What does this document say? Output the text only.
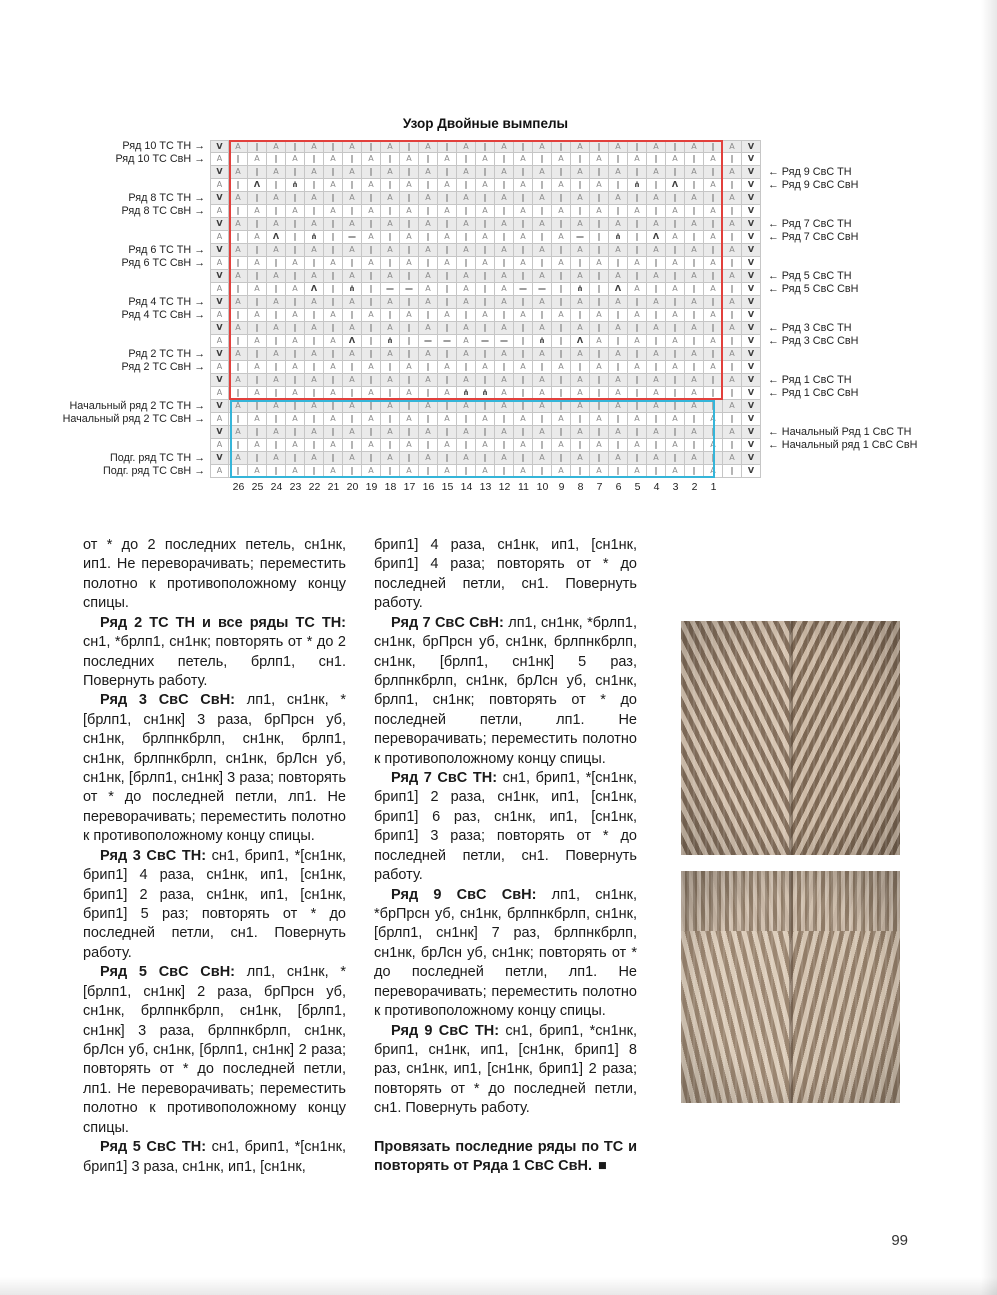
Узор Двойные вымпелы
Ряд 10 ТС ТН →	V	А	∥	А	∥	А	∥	А	∥	А	∥	А	∥	А	∥	А	∥	А	∥	А	∥	А	∥	А	∥	А	∥	А	V
Ряд 10 ТС СвН →	А	∥	А	∥	А	∥	А	∥	А	∥	А	∥	А	∥	А	∥	А	∥	А	∥	А	∥	А	∥	А	∥	А	∥	V
V	А	∥	А	∥	А	∥	А	∥	А	∥	А	∥	А	∥	А	∥	А	∥	А	∥	А	∥	А	∥	А	∥	А	V	← Ряд 9 СвС ТН
А	∥	Λ	∥	⋔	∥	А	∥	А	∥	А	∥	А	∥	А	∥	А	∥	А	∥	А	∥	⋔	∥	Λ	∥	А	∥	V	← Ряд 9 СвС СвН
Ряд 8 ТС ТН →	V	А	∥	А	∥	А	∥	А	∥	А	∥	А	∥	А	∥	А	∥	А	∥	А	∥	А	∥	А	∥	А	∥	А	V
Ряд 8 ТС СвН →	А	∥	А	∥	А	∥	А	∥	А	∥	А	∥	А	∥	А	∥	А	∥	А	∥	А	∥	А	∥	А	∥	А	∥	V
V	А	∥	А	∥	А	∥	А	∥	А	∥	А	∥	А	∥	А	∥	А	∥	А	∥	А	∥	А	∥	А	∥	А	V	← Ряд 7 СвС ТН
А	∥	А	Λ	∥	⋔	∥	—	А	∥	А	∥	А	∥	А	∥	А	∥	А	—	∥	⋔	∥	Λ	А	∥	А	∥	V	← Ряд 7 СвС СвН
Ряд 6 ТС ТН →	V	А	∥	А	∥	А	∥	А	∥	А	∥	А	∥	А	∥	А	∥	А	∥	А	∥	А	∥	А	∥	А	∥	А	V
Ряд 6 ТС СвН →	А	∥	А	∥	А	∥	А	∥	А	∥	А	∥	А	∥	А	∥	А	∥	А	∥	А	∥	А	∥	А	∥	А	∥	V
V	А	∥	А	∥	А	∥	А	∥	А	∥	А	∥	А	∥	А	∥	А	∥	А	∥	А	∥	А	∥	А	∥	А	V	← Ряд 5 СвС ТН
А	∥	А	∥	А	Λ	∥	⋔	∥	—	—	А	∥	А	∥	А	—	—	∥	⋔	∥	Λ	А	∥	А	∥	А	∥	V	← Ряд 5 СвС СвН
Ряд 4 ТС ТН →	V	А	∥	А	∥	А	∥	А	∥	А	∥	А	∥	А	∥	А	∥	А	∥	А	∥	А	∥	А	∥	А	∥	А	V
Ряд 4 ТС СвН →	А	∥	А	∥	А	∥	А	∥	А	∥	А	∥	А	∥	А	∥	А	∥	А	∥	А	∥	А	∥	А	∥	А	∥	V
V	А	∥	А	∥	А	∥	А	∥	А	∥	А	∥	А	∥	А	∥	А	∥	А	∥	А	∥	А	∥	А	∥	А	V	← Ряд 3 СвС ТН
А	∥	А	∥	А	∥	А	Λ	∥	⋔	∥	—	—	А	—	—	∥	⋔	∥	Λ	А	∥	А	∥	А	∥	А	∥	V	← Ряд 3 СвС СвН
Ряд 2 ТС ТН →	V	А	∥	А	∥	А	∥	А	∥	А	∥	А	∥	А	∥	А	∥	А	∥	А	∥	А	∥	А	∥	А	∥	А	V
Ряд 2 ТС СвН →	А	∥	А	∥	А	∥	А	∥	А	∥	А	∥	А	∥	А	∥	А	∥	А	∥	А	∥	А	∥	А	∥	А	∥	V
V	А	∥	А	∥	А	∥	А	∥	А	∥	А	∥	А	∥	А	∥	А	∥	А	∥	А	∥	А	∥	А	∥	А	V	← Ряд 1 СвС ТН
А	∥	А	∥	А	∥	А	∥	А	∥	А	∥	А	⋔	⋔	А	∥	А	∥	А	∥	А	∥	А	∥	А	∥	∥	V	← Ряд 1 СвС СвН
Начальный ряд 2 ТС ТН →	V	А	∥	А	∥	А	∥	А	∥	А	∥	А	∥	А	∥	А	∥	А	∥	А	∥	А	∥	А	∥	А	∥	А	V
Начальный ряд 2 ТС СвН →	А	∥	А	∥	А	∥	А	∥	А	∥	А	∥	А	∥	А	∥	А	∥	А	∥	А	∥	А	∥	А	∥	А	∥	V
V	А	∥	А	∥	А	∥	А	∥	А	∥	А	∥	А	∥	А	∥	А	∥	А	∥	А	∥	А	∥	А	∥	А	V	← Начальный Ряд 1 СвС ТН
А	∥	А	∥	А	∥	А	∥	А	∥	А	∥	А	∥	А	∥	А	∥	А	∥	А	∥	А	∥	А	∥	А	∥	V	← Начальный ряд 1 СвС СвН
Подг. ряд ТС ТН →	V	А	∥	А	∥	А	∥	А	∥	А	∥	А	∥	А	∥	А	∥	А	∥	А	∥	А	∥	А	∥	А	∥	А	V
Подг. ряд ТС СвН →	А	∥	А	∥	А	∥	А	∥	А	∥	А	∥	А	∥	А	∥	А	∥	А	∥	А	∥	А	∥	А	∥	А	∥	V
26 25 24 23 22 21 20 19 18 17 16 15 14 13 12 11 10 9	8	7	6	5	4	3	2	1

от * до 2 последних петель, сн1нк, ип1. Не переворачивать; переместить полотно к противоположному концу спицы.

Ряд 2 ТС ТН и все ряды ТС ТН: сн1, *брлп1, сн1нк; повторять от * до 2 последних петель, брлп1, сн1. Повернуть работу.

Ряд 3 СвС СвН: лп1, сн1нк, *[брлп1, сн1нк] 3 раза, брПрсн уб, сн1нк, брлпнкбрлп, сн1нк, брлп1, сн1нк, брлпнкбрлп, сн1нк, брЛсн уб, сн1нк, [брлп1, сн1нк] 3 раза; повторять от * до последней петли, лп1. Не переворачивать; переместить полотно к противоположному концу спицы.

Ряд 3 СвС ТН: сн1, брип1, *[сн1нк, брип1] 4 раза, сн1нк, ип1, [сн1нк, брип1] 2 раза, сн1нк, ип1, [сн1нк, брип1] 5 раз; повторять от * до последней петли, сн1. Повернуть работу.

Ряд 5 СвС СвН: лп1, сн1нк, *[брлп1, сн1нк] 2 раза, брПрсн уб, сн1нк, брлпнкбрлп, сн1нк, [брлп1, сн1нк] 3 раза, брлпнкбрлп, сн1нк, брЛсн уб, сн1нк, [брлп1, сн1нк] 2 раза; повторять от * до последней петли, лп1. Не переворачивать; переместить полотно к противоположному концу спицы.

Ряд 5 СвС ТН: сн1, брип1, *[сн1нк, брип1] 3 раза, сн1нк, ип1, [сн1нк,

брип1] 4 раза, сн1нк, ип1, [сн1нк, брип1] 4 раза; повторять от * до последней петли, сн1. Повернуть работу.

Ряд 7 СвС СвН: лп1, сн1нк, *брлп1, сн1нк, брПрсн уб, сн1нк, брлпнкбрлп, сн1нк, [брлп1, сн1нк] 5 раз, брлпнкбрлп, сн1нк, брЛсн уб, сн1нк, брлп1, сн1нк; повторять от * до последней петли, лп1. Не переворачивать; переместить полотно к противоположному концу спицы.

Ряд 7 СвС ТН: сн1, брип1, *[сн1нк, брип1] 2 раза, сн1нк, ип1, [сн1нк, брип1] 6 раз, сн1нк, ип1, [сн1нк, брип1] 3 раза; повторять от * до последней петли, сн1. Повернуть работу.

Ряд 9 СвС СвН: лп1, сн1нк, *брПрсн уб, сн1нк, брлпнкбрлп, сн1нк, [брлп1, сн1нк] 7 раз, брлпнкбрлп, сн1нк, брЛсн уб, сн1нк; повторять от * до последней петли, лп1. Не переворачивать; переместить полотно к противоположному концу спицы.

Ряд 9 СвС ТН: сн1, брип1, *сн1нк, брип1, сн1нк, ип1, [сн1нк, брип1] 8 раз, сн1нк, ип1, [сн1нк, брип1] 2 раза; повторять от * до последней петли, сн1. Повернуть работу.

Провязать последние ряды по ТС и повторять от Ряда 1 СвС СвН. ■

99
